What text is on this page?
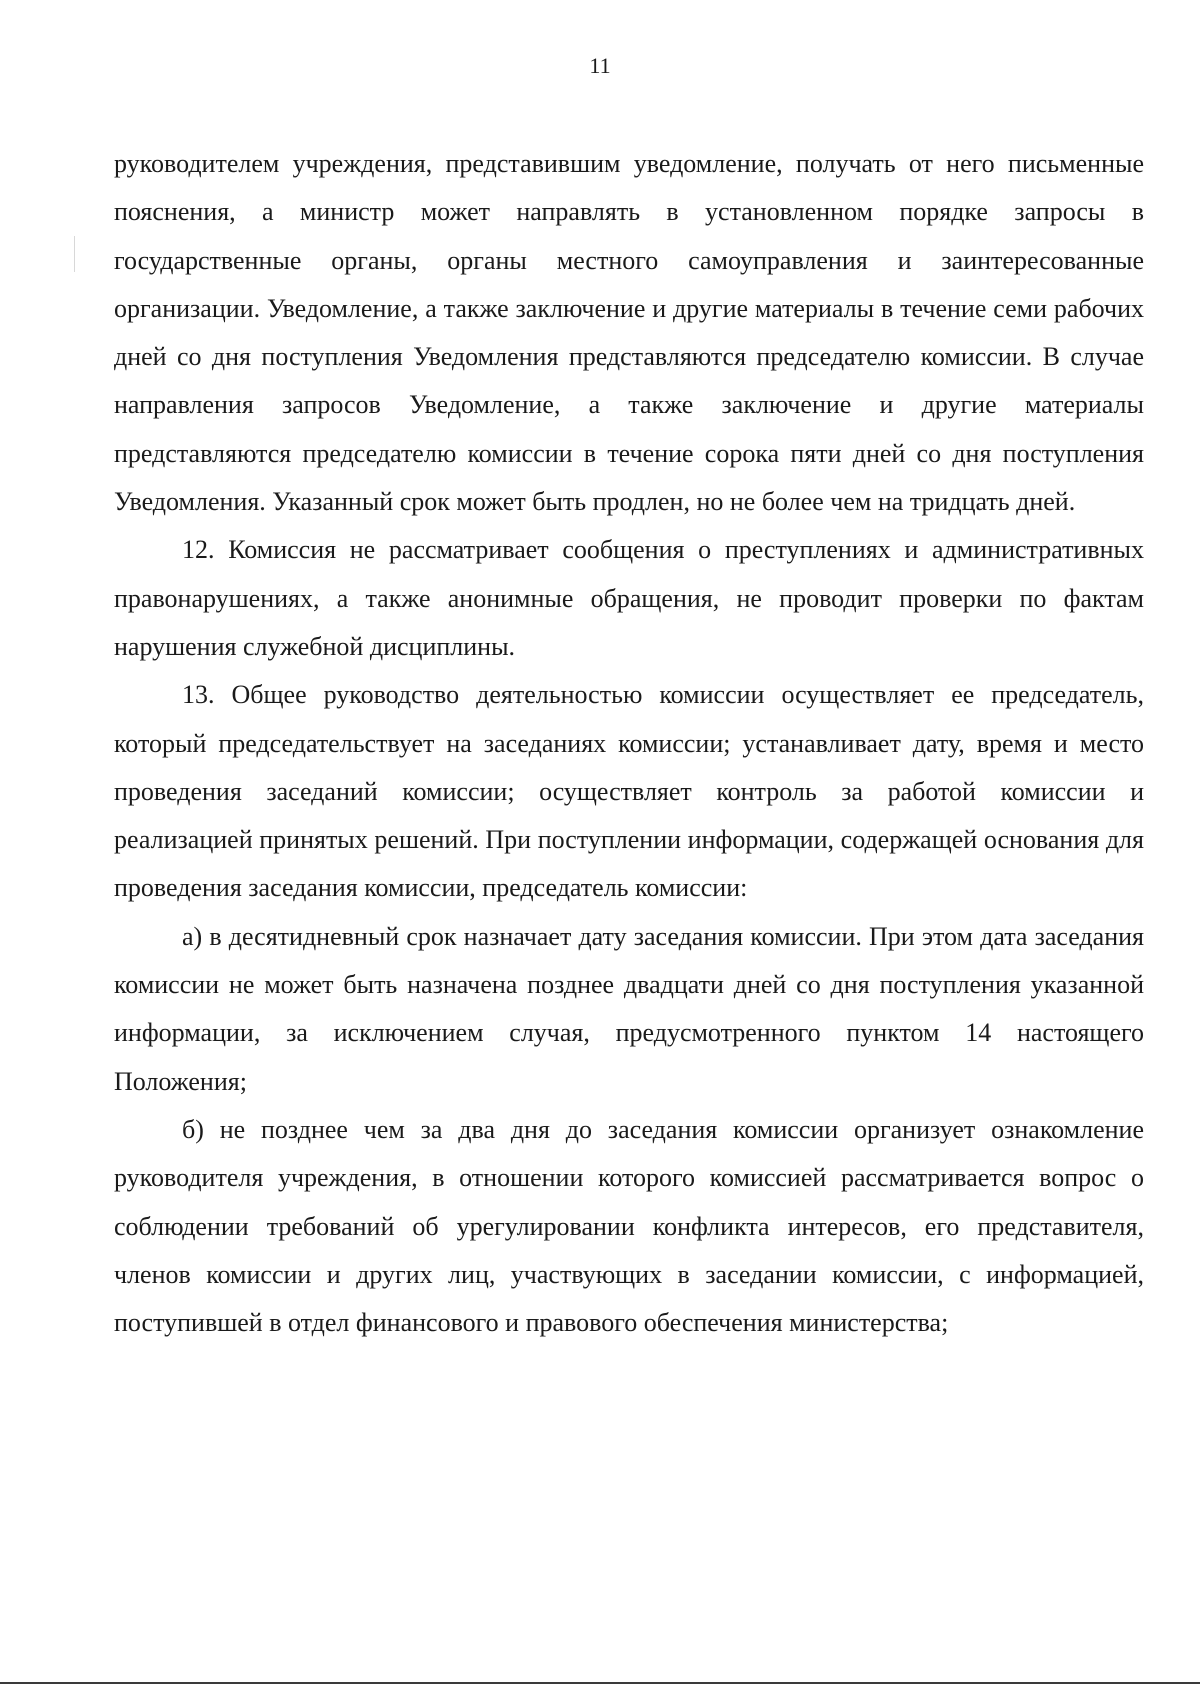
11

руководителем учреждения, представившим уведомление, получать от него письменные пояснения, а министр может направлять в установленном порядке запросы в государственные органы, органы местного самоуправления и заинтересованные организации. Уведомление, а также заключение и другие материалы в течение семи рабочих дней со дня поступления Уведомления представляются председателю комиссии. В случае направления запросов Уведомление, а также заключение и другие материалы представляются председателю комиссии в течение сорока пяти дней со дня поступления Уведомления. Указанный срок может быть продлен, но не более чем на тридцать дней.

12. Комиссия не рассматривает сообщения о преступлениях и административных правонарушениях, а также анонимные обращения, не проводит проверки по фактам нарушения служебной дисциплины.

13. Общее руководство деятельностью комиссии осуществляет ее председатель, который председательствует на заседаниях комиссии; устанавливает дату, время и место проведения заседаний комиссии; осуществляет контроль за работой комиссии и реализацией принятых решений. При поступлении информации, содержащей основания для проведения заседания комиссии, председатель комиссии:

а) в десятидневный срок назначает дату заседания комиссии. При этом дата заседания комиссии не может быть назначена позднее двадцати дней со дня поступления указанной информации, за исключением случая, предусмотренного пунктом 14 настоящего Положения;

б) не позднее чем за два дня до заседания комиссии организует ознакомление руководителя учреждения, в отношении которого комиссией рассматривается вопрос о соблюдении требований об урегулировании конфликта интересов, его представителя, членов комиссии и других лиц, участвующих в заседании комиссии, с информацией, поступившей в отдел финансового и правового обеспечения министерства;
